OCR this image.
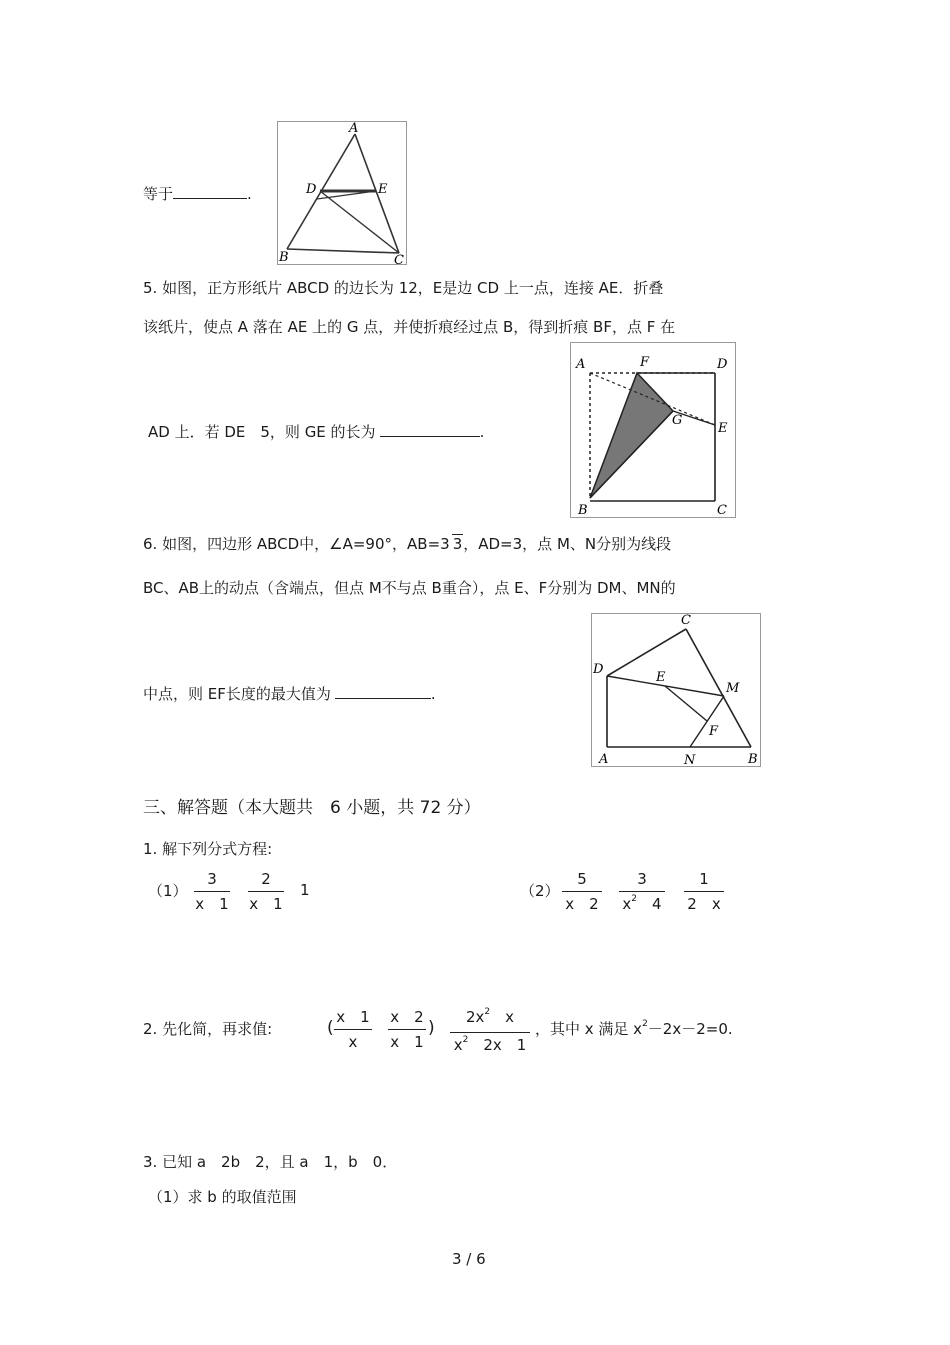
等于	.
A
B	C
D	E
5. 如图，正方形纸片 ABCD 的边长为 12，E是边 CD 上一点，连接 AE．折叠
该纸片，使点 A 落在 AE 上的 G 点，并使折痕经过点 B，得到折痕 BF，点 F 在
AD 上．若 DE　5，则 GE 的长为	.
A	F	D
G
E
B	C
6. 如图，四边形 ABCD中，∠A=90°，AB=3 3，AD=3，点 M、N分别为线段
BC、AB上的动点（含端点，但点 M不与点 B重合），点 E、F分别为 DM、MN的
中点，则 EF长度的最大值为	.
C
D
E
M
F
A	N	B
三、解答题（本大题共　6 小题，共 72 分）
1. 解下列分式方程:
（1）
3
x　1
2
x　1
1	（2）
5
x　2
3
$x^2$　4
1
2　x
2. 先化简，再求值:	(
x　1
x
x　2
x　1
)
$2x^2$　x
$x^2$　2x　1
，其中 x 满足 $x^2-2x-2=0$.
3. 已知 a　2b　2，且 a　1，b　0．
（1）求 b 的取值范围
3 / 6
